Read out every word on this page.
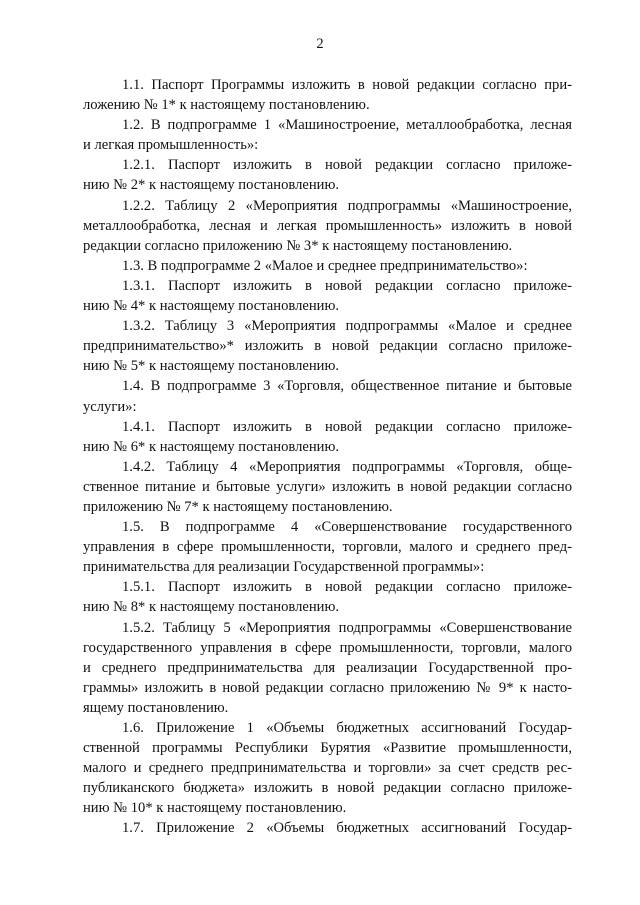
2
1.1. Паспорт Программы изложить в новой редакции согласно при-
ложению № 1* к настоящему постановлению.
1.2. В подпрограмме 1 «Машиностроение, металлообработка, лесная
и легкая промышленность»:
1.2.1. Паспорт изложить в новой редакции согласно приложе-
нию № 2* к настоящему постановлению.
1.2.2. Таблицу 2 «Мероприятия подпрограммы «Машиностроение,
металлообработка, лесная и легкая промышленность» изложить в новой
редакции согласно приложению № 3* к настоящему постановлению.
1.3. В подпрограмме 2 «Малое и среднее предпринимательство»:
1.3.1. Паспорт изложить в новой редакции согласно приложе-
нию № 4* к настоящему постановлению.
1.3.2. Таблицу 3 «Мероприятия подпрограммы «Малое и среднее
предпринимательство»* изложить в новой редакции согласно приложе-
нию № 5* к настоящему постановлению.
1.4. В подпрограмме 3 «Торговля, общественное питание и бытовые
услуги»:
1.4.1. Паспорт изложить в новой редакции согласно приложе-
нию № 6* к настоящему постановлению.
1.4.2. Таблицу 4 «Мероприятия подпрограммы «Торговля, обще-
ственное питание и бытовые услуги» изложить в новой редакции согласно
приложению № 7* к настоящему постановлению.
1.5. В подпрограмме 4 «Совершенствование государственного
управления в сфере промышленности, торговли, малого и среднего пред-
принимательства для реализации Государственной программы»:
1.5.1. Паспорт изложить в новой редакции согласно приложе-
нию № 8* к настоящему постановлению.
1.5.2. Таблицу 5 «Мероприятия подпрограммы «Совершенствование
государственного управления в сфере промышленности, торговли, малого
и среднего предпринимательства для реализации Государственной про-
граммы» изложить в новой редакции согласно приложению № 9* к насто-
ящему постановлению.
1.6. Приложение 1 «Объемы бюджетных ассигнований Государ-
ственной программы Республики Бурятия «Развитие промышленности,
малого и среднего предпринимательства и торговли» за счет средств рес-
публиканского бюджета» изложить в новой редакции согласно приложе-
нию № 10* к настоящему постановлению.
1.7. Приложение 2 «Объемы бюджетных ассигнований Государ-
